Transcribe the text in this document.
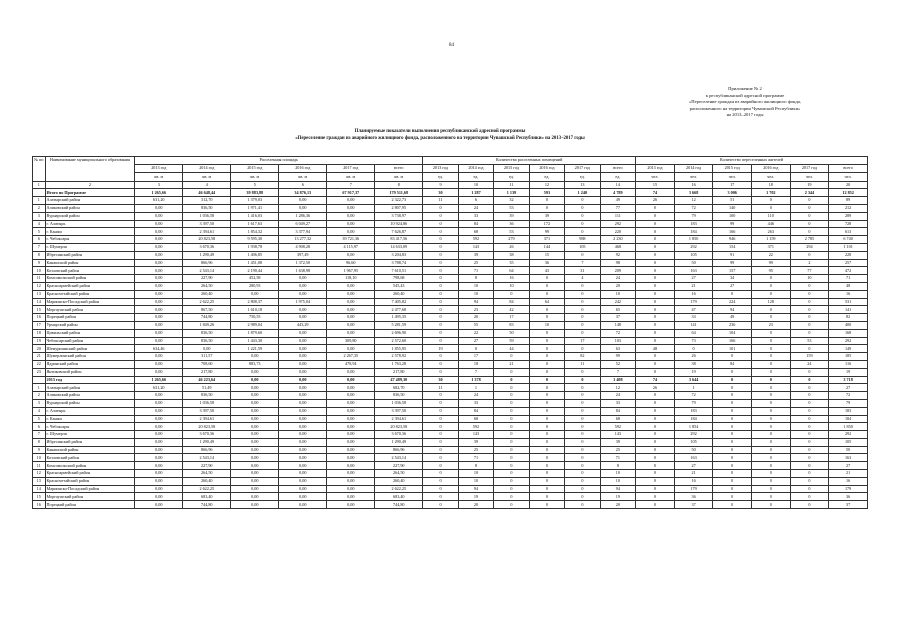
84
Приложение № 2
к республиканской адресной программе
«Переселение граждан из аварийного жилищного фонда,
расположенного на территории Чувашской Республики»
на 2013–2017 годы
Планируемые показатели выполнения республиканской адресной программы
«Переселение граждан из аварийного жилищного фонда, расположенного на территории Чувашской Республики» на 2013–2017 годы
№ пп	Наименование муниципального образования	Расселенная площадь						Количество расселенных помещений						Количество переселенных жителей					
		2013 год	2014 год	2015 год	2016 год	2017 год	всего	2013 год	2014 год	2015 год	2016 год	2017 год	всего	2013 год	2014 год	2015 год	2016 год	2017 год	всего
		кв. м	кв. м	кв. м	кв. м	кв. м	кв. м	ед.	ед.	ед.	ед.	ед.	ед.	чел.	чел.	чел.	чел.	чел.	чел.
1	2	3	4	5	6	7	8	9	10	11	12	13	14	15	16	17	18	19	20
	Итого по Программе	1 265,66	46 648,44	39 883,88	34 876,13	67 917,37	179 511,68	30	1 287	1 139	593	1 240	4 789	74	3 668	3 006	1 702	2 344	12 852
1	Алатырский район	631,20	312,70	1 379,03	0,00	0,00	2 322,73	11	6	32	0	0	49	26	12	51	0	0	89
2	Аликовский район	0,00	836,50	1 971,41	0,00	0,00	2 807,95	0	24	53	0	0	77	0	72	140	0	0	212
3	Вурнарский район	0,00	1 036,58	1 416,03	1 286,36	0,00	3 738,97	0	33	39	39	0	111	0	79	100	110	0	289
4	г. Алатырь	0,00	3 397,50	1 617,63	6 049,27	0,00	10 924,86	0	84	36	172	0	292	0	183	99	446	0	728
5	г. Канаш	0,00	2 394,61	1 854,32	3 377,94	0,00	7 626,87	0	68	53	99	0	220	0	184	166	263	0	613
6	г. Чебоксары	0,00	20 823,58	9 595,30	13 277,32	39 721,36	83 417,56	0	592	279	371	988	2 230	0	1 850	946	1 159	2 785	6 740
7	г. Шумерля	0,00	3 670,36	1 938,78	4 908,28	4 115,97	14 633,09	0	143	26	144	105	468	0	292	154	371	294	1 101
8	Ибресинский район	0,00	1 290,49	1 406,85	397,49	0,00	3 204,83	0	39	38	15	0	92	0	105	91	22	0	228
9	Канашский район	0,00	866,96	1 451,08	1 372,50	96,60	3 788,74	0	25	35	36	7	98	0	50	99	99	2	257
10	Козловский район	0,00	2 543,14	2 190,44	1 638,98	1 967,95	7 610,51	0	71	64	43	31	209	0	163	157	95	77	472
11	Комсомольский район	0,00	227,90	452,58	0,00	118,10	798,68	0	8	16	0	4	24	0	27	34	0	10	71
12	Красноармейский район	0,00	264,50	280,93	0,00	0,00	545,43	0	10	10	0	0	20	0	21	27	0	0	48
13	Красночетайский район	0,00	260,40	0,00	0,00	0,00	260,40	0	10	0	0	0	10	0	16	0	0	0	16
14	Мариинско-Посадский район	0,00	2 622,25	2 808,37	1 975,04	0,00	7 405,82	0	94	84	64	0	242	0	179	224	128	0	531
15	Моргаушский район	0,00	867,50	1 610,18	0,00	0,00	2 477,68	0	23	42	0	0	65	0	47	94	0	0	141
16	Порецкий район	0,00	744,80	750,55	0,00	0,00	1 495,35	0	20	17	0	0	37	0	33	49	0	0	82
17	Урмарский район	0,00	1 849,26	2 989,04	443,29	0,00	5 281,59	0	55	83	10	0	148	0	141	236	23	0	400
18	Цивильский район	0,00	836,50	1 879,60	0,00	0,00	2 696,90	0	22	50	0	0	72	0	64	104	0	0	168
19	Чебоксарский район	0,00	836,50	1 443,30	0,00	309,80	2 572,60	0	27	59	0	17	103	0	73	166	0	53	292
20	Шемуршинский район	634,46	0,00	1 221,59	0,00	0,00	1 855,95	19	0	44	0	0	63	48	0	101	0	0	149
21	Шумерлинский район	0,00	311,57	0,00	0,00	2 267,35	2 578,92	0	17	0	0	82	99	0	26	0	0	159	185
22	Ядринский район	0,00	708,60	883,73	0,00	478,94	1 763,28	0	18	21	0	11	52	0	38	84	0	24	116
23	Янтиковский район	0,00	217,80	0,00	0,00	0,00	217,80	0	7	0	0	0	7	0	19	0	0	0	19
	2013 год	1 265,66	46 223,64	0,00	0,00	0,00	47 489,30	30	1 378	0	0	0	1 408	74	3 644	0	0	0	3 718
1	Алатырский район	631,20	51,49	0,00	0,00	0,00	682,70	11	1	0	0	0	12	26	1	0	0	0	27
2	Аликовский район	0,00	836,50	0,00	0,00	0,00	836,50	0	24	0	0	0	24	0	72	0	0	0	72
3	Вурнарский район	0,00	1 036,58	0,00	0,00	0,00	1 036,58	0	33	0	0	0	33	0	79	0	0	0	79
4	г. Алатырь	0,00	3 397,50	0,00	0,00	0,00	3 397,50	0	84	0	0	0	84	0	183	0	0	0	183
5	г. Канаш	0,00	2 394,61	0,00	0,00	0,00	2 394,61	0	68	0	0	0	68	0	184	0	0	0	184
6	г. Чебоксары	0,00	20 823,58	0,00	0,00	0,00	20 823,58	0	592	0	0	0	592	0	1 854	0	0	0	1 850
7	г. Шумерля	0,00	3 670,36	0,00	0,00	0,00	3 670,36	0	143	0	0	0	143	0	292	0	0	0	292
8	Ибресинский район	0,00	1 290,49	0,00	0,00	0,00	1 290,49	0	39	0	0	0	39	0	105	0	0	0	105
9	Канашский район	0,00	866,96	0,00	0,00	0,00	866,96	0	25	0	0	0	25	0	50	0	0	0	50
10	Козловский район	0,00	2 543,14	0,00	0,00	0,00	2 543,14	0	71	0	0	0	71	0	163	0	0	0	163
11	Комсомольский район	0,00	227,90	0,00	0,00	0,00	227,90	0	8	0	0	0	8	0	27	0	0	0	27
12	Красноармейский район	0,00	264,50	0,00	0,00	0,00	264,50	0	10	0	0	0	10	0	21	0	0	0	21
13	Красночетайский район	0,00	260,40	0,00	0,00	0,00	260,40	0	10	0	0	0	10	0	16	0	0	0	16
14	Мариинско-Посадский район	0,00	2 622,25	0,00	0,00	0,00	2 622,25	0	94	0	0	0	94	0	179	0	0	0	179
15	Моргаушский район	0,00	683,40	0,00	0,00	0,00	683,40	0	19	0	0	0	19	0	36	0	0	0	36
16	Порецкий район	0,00	744,80	0,00	0,00	0,00	744,80	0	20	0	0	0	20	0	37	0	0	0	37
